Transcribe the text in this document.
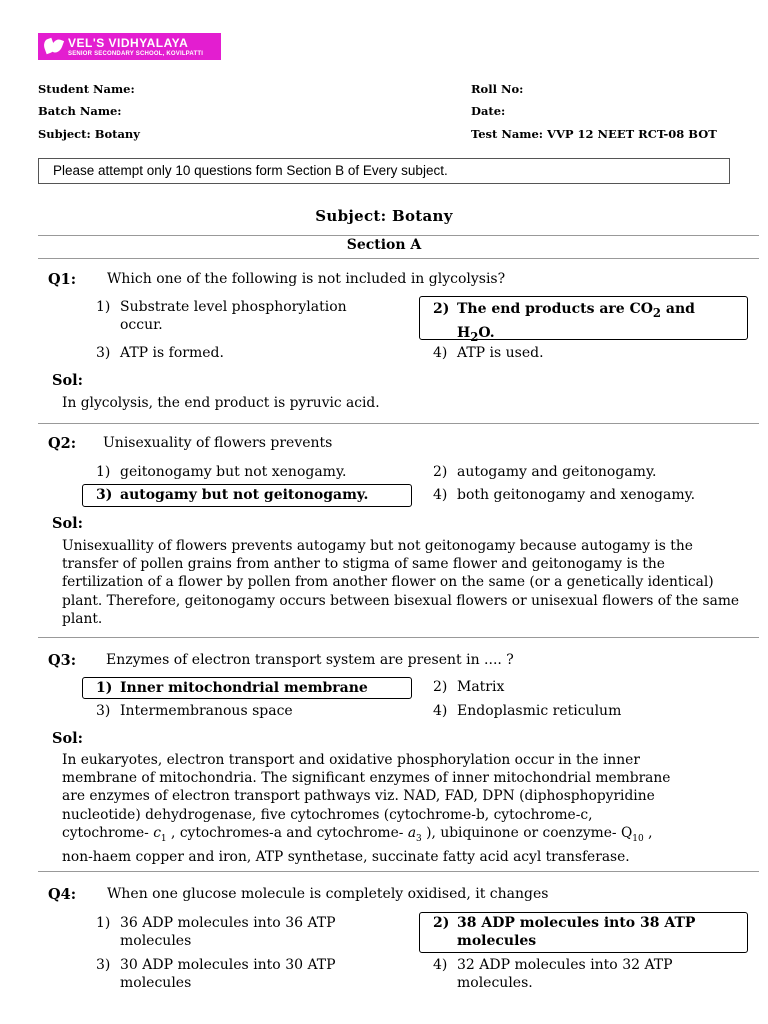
VEL'S VIDHYALAYA
SENIOR SECONDARY SCHOOL, KOVILPATTI
Student Name:
Batch Name:
Subject: Botany
Roll No:
Date:
Test Name: VVP 12 NEET RCT-08 BOT
Please attempt only 10 questions form Section B of Every subject.
Subject: Botany
Section A
Q1: Which one of the following is not included in glycolysis?
1) Substrate level phosphorylation
occur.
2) The end products are $CO_2$ and
$H_2O$.
3) ATP is formed.	4) ATP is used.
Sol:
In glycolysis, the end product is pyruvic acid.
Q2: Unisexuality of flowers prevents
1) geitonogamy but not xenogamy.	2) autogamy and geitonogamy.
3) autogamy but not geitonogamy.	4) both geitonogamy and xenogamy.
Sol:
Unisexuallity of flowers prevents autogamy but not geitonogamy because autogamy is the transfer of pollen grains from anther to stigma of same flower and geitonogamy is the fertilization of a flower by pollen from another flower on the same (or a genetically identical) plant. Therefore, geitonogamy occurs between bisexual flowers or unisexual flowers of the same plant.
Q3: Enzymes of electron transport system are present in .... ?
1) Inner mitochondrial membrane	2) Matrix
3) Intermembranous space	4) Endoplasmic reticulum
Sol:
In eukaryotes, electron transport and oxidative phosphorylation occur in the inner
membrane of mitochondria. The significant enzymes of inner mitochondrial membrane
are enzymes of electron transport pathways viz. NAD, FAD, DPN (diphosphopyridine
nucleotide) dehydrogenase, five cytochromes (cytochrome-b, cytochrome-c,
cytochrome- $c_1$ , cytochromes-a and cytochrome- $a_3$ ), ubiquinone or coenzyme- $Q_{10}$ ,
non-haem copper and iron, ATP synthetase, succinate fatty acid acyl transferase.
Q4: When one glucose molecule is completely oxidised, it changes
1) 36 ADP molecules into 36 ATP
molecules
2) 38 ADP molecules into 38 ATP
molecules
3) 30 ADP molecules into 30 ATP
molecules
4) 32 ADP molecules into 32 ATP
molecules.
